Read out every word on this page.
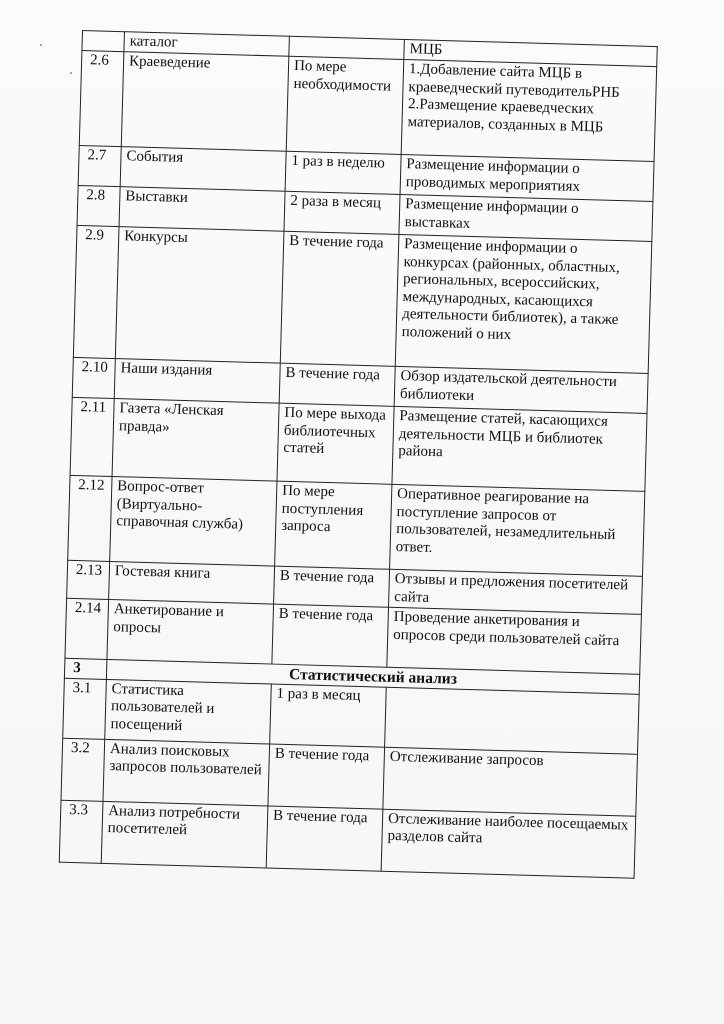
	каталог		МЦБ
2.6	Краеведение	По мере необходимости	1.Добавление сайта МЦБ в краеведческий путеводительРНБ 2.Размещение краеведческих материалов, созданных в МЦБ
2.7	События	1 раз в неделю	Размещение информации о проводимых мероприятиях
2.8	Выставки	2 раза в месяц	Размещение информации о выставках
2.9	Конкурсы	В течение года	Размещение информации о конкурсах (районных, областных, региональных, всероссийских, международных, касающихся деятельности библиотек), а также положений о них
2.10	Наши издания	В течение года	Обзор издательской деятельности библиотеки
2.11	Газета «Ленская правда»	По мере выхода библиотечных статей	Размещение статей, касающихся деятельности МЦБ и библиотек района
2.12	Вопрос-ответ (Виртуально-справочная служба)	По мере поступления запроса	Оперативное реагирование на поступление запросов от пользователей, незамедлительный ответ.
2.13	Гостевая книга	В течение года	Отзывы и предложения посетителей сайта
2.14	Анкетирование и опросы	В течение года	Проведение анкетирования и опросов среди пользователей сайта
3	Статистический анализ		
3.1	Статистика пользователей и посещений	1 раз в месяц	
3.2	Анализ поисковых запросов пользователей	В течение года	Отслеживание запросов
3.3	Анализ потребности посетителей	В течение года	Отслеживание наиболее посещаемых разделов сайта
